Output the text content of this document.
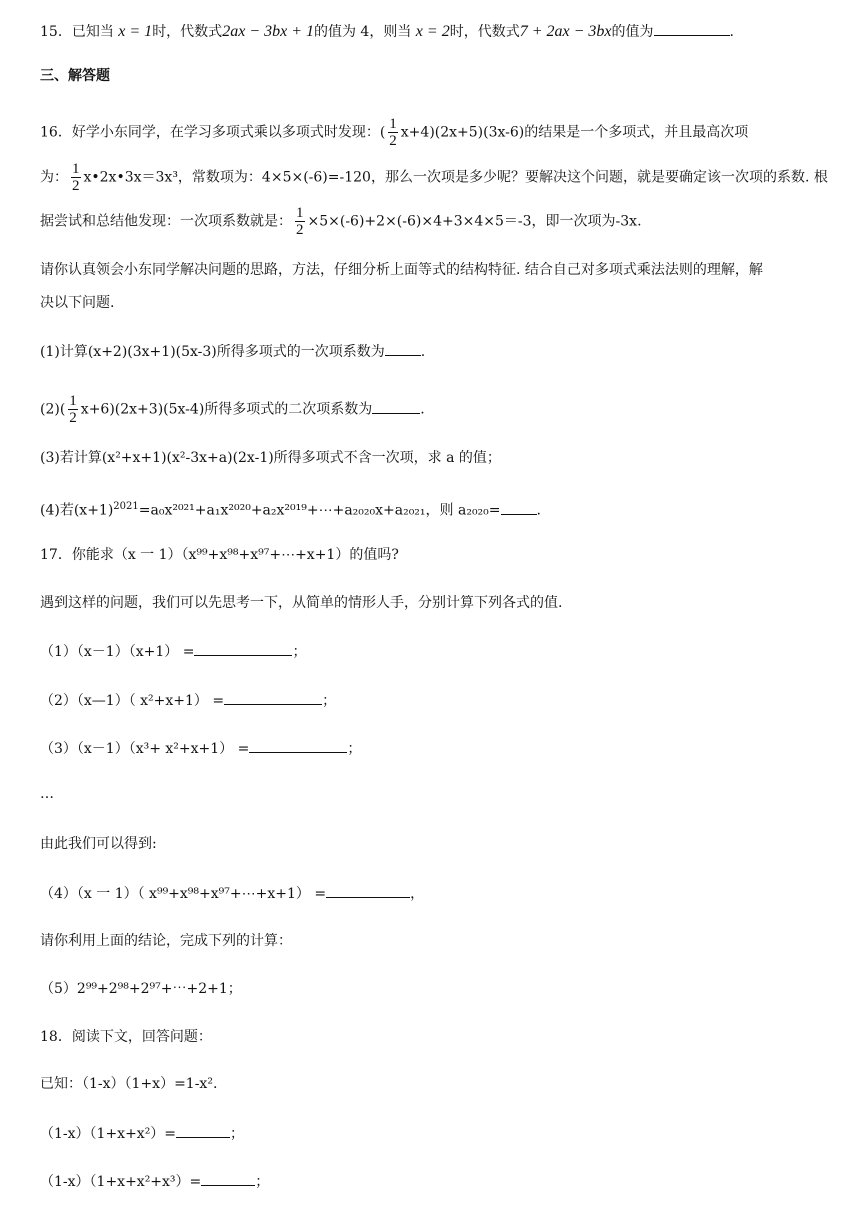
15．已知当 x = 1时，代数式2ax − 3bx + 1的值为 4，则当 x = 2时，代数式7 + 2ax − 3bx的值为	.
三、解答题
16．好学小东同学，在学习多项式乘以多项式时发现：( $\frac{1}{2} x+4)(2x+5)(3x-6)$的结果是一个多项式，并且最高次项
为： $\frac{1}{2}$ x•2x•3x＝3x³，常数项为：4×5×(-6)=-120，那么一次项是多少呢？要解决这个问题，就是要确定该一次项的系数. 根
据尝试和总结他发现：一次项系数就是： $\frac{1}{2} \times 5\times(-6)+2\times(-6)\times 4+3\times 4\times 5=-3$，即一次项为-3x.
请你认真领会小东同学解决问题的思路，方法，仔细分析上面等式的结构特征. 结合自己对多项式乘法法则的理解，解
决以下问题.
(1)计算(x+2)(3x+1)(5x-3)所得多项式的一次项系数为	.
$(2)( \frac{1}{2} x+6)(2x+3)(5x-4)$所得多项式的二次项系数为	.
(3)若计算(x²+x+1)(x²-3x+a)(2x-1)所得多项式不含一次项，求 a 的值；
(4)若$(x+1)^{2021}=a_0x^{2021}+a_1x^{2020}+a_2x^{2019}+\cdots+a_{2020}x+a_{2021}$，则 a₂₀₂₀=	.
17．你能求（x 一 1）（x⁹⁹+x⁹⁸+x⁹⁷+⋯+x+1）的值吗?
遇到这样的问题，我们可以先思考一下，从简单的情形人手，分别计算下列各式的值.
（1）（x－1）（x+1） =	；
（2）（x—1）（ x²+x+1） =	；
（3）（x－1）（x³+ x²+x+1） =	；
…
由此我们可以得到:
（4）（x 一 1）（ x⁹⁹+x⁹⁸+x⁹⁷+⋯+x+1） =	，
请你利用上面的结论，完成下列的计算：
（5）2⁹⁹+2⁹⁸+2⁹⁷+⋯+2+1；
18．阅读下文，回答问题：
已知：（1-x）（1+x）=1-x².
（1-x）（1+x+x²）=	；
（1-x）（1+x+x²+x³）=	；
